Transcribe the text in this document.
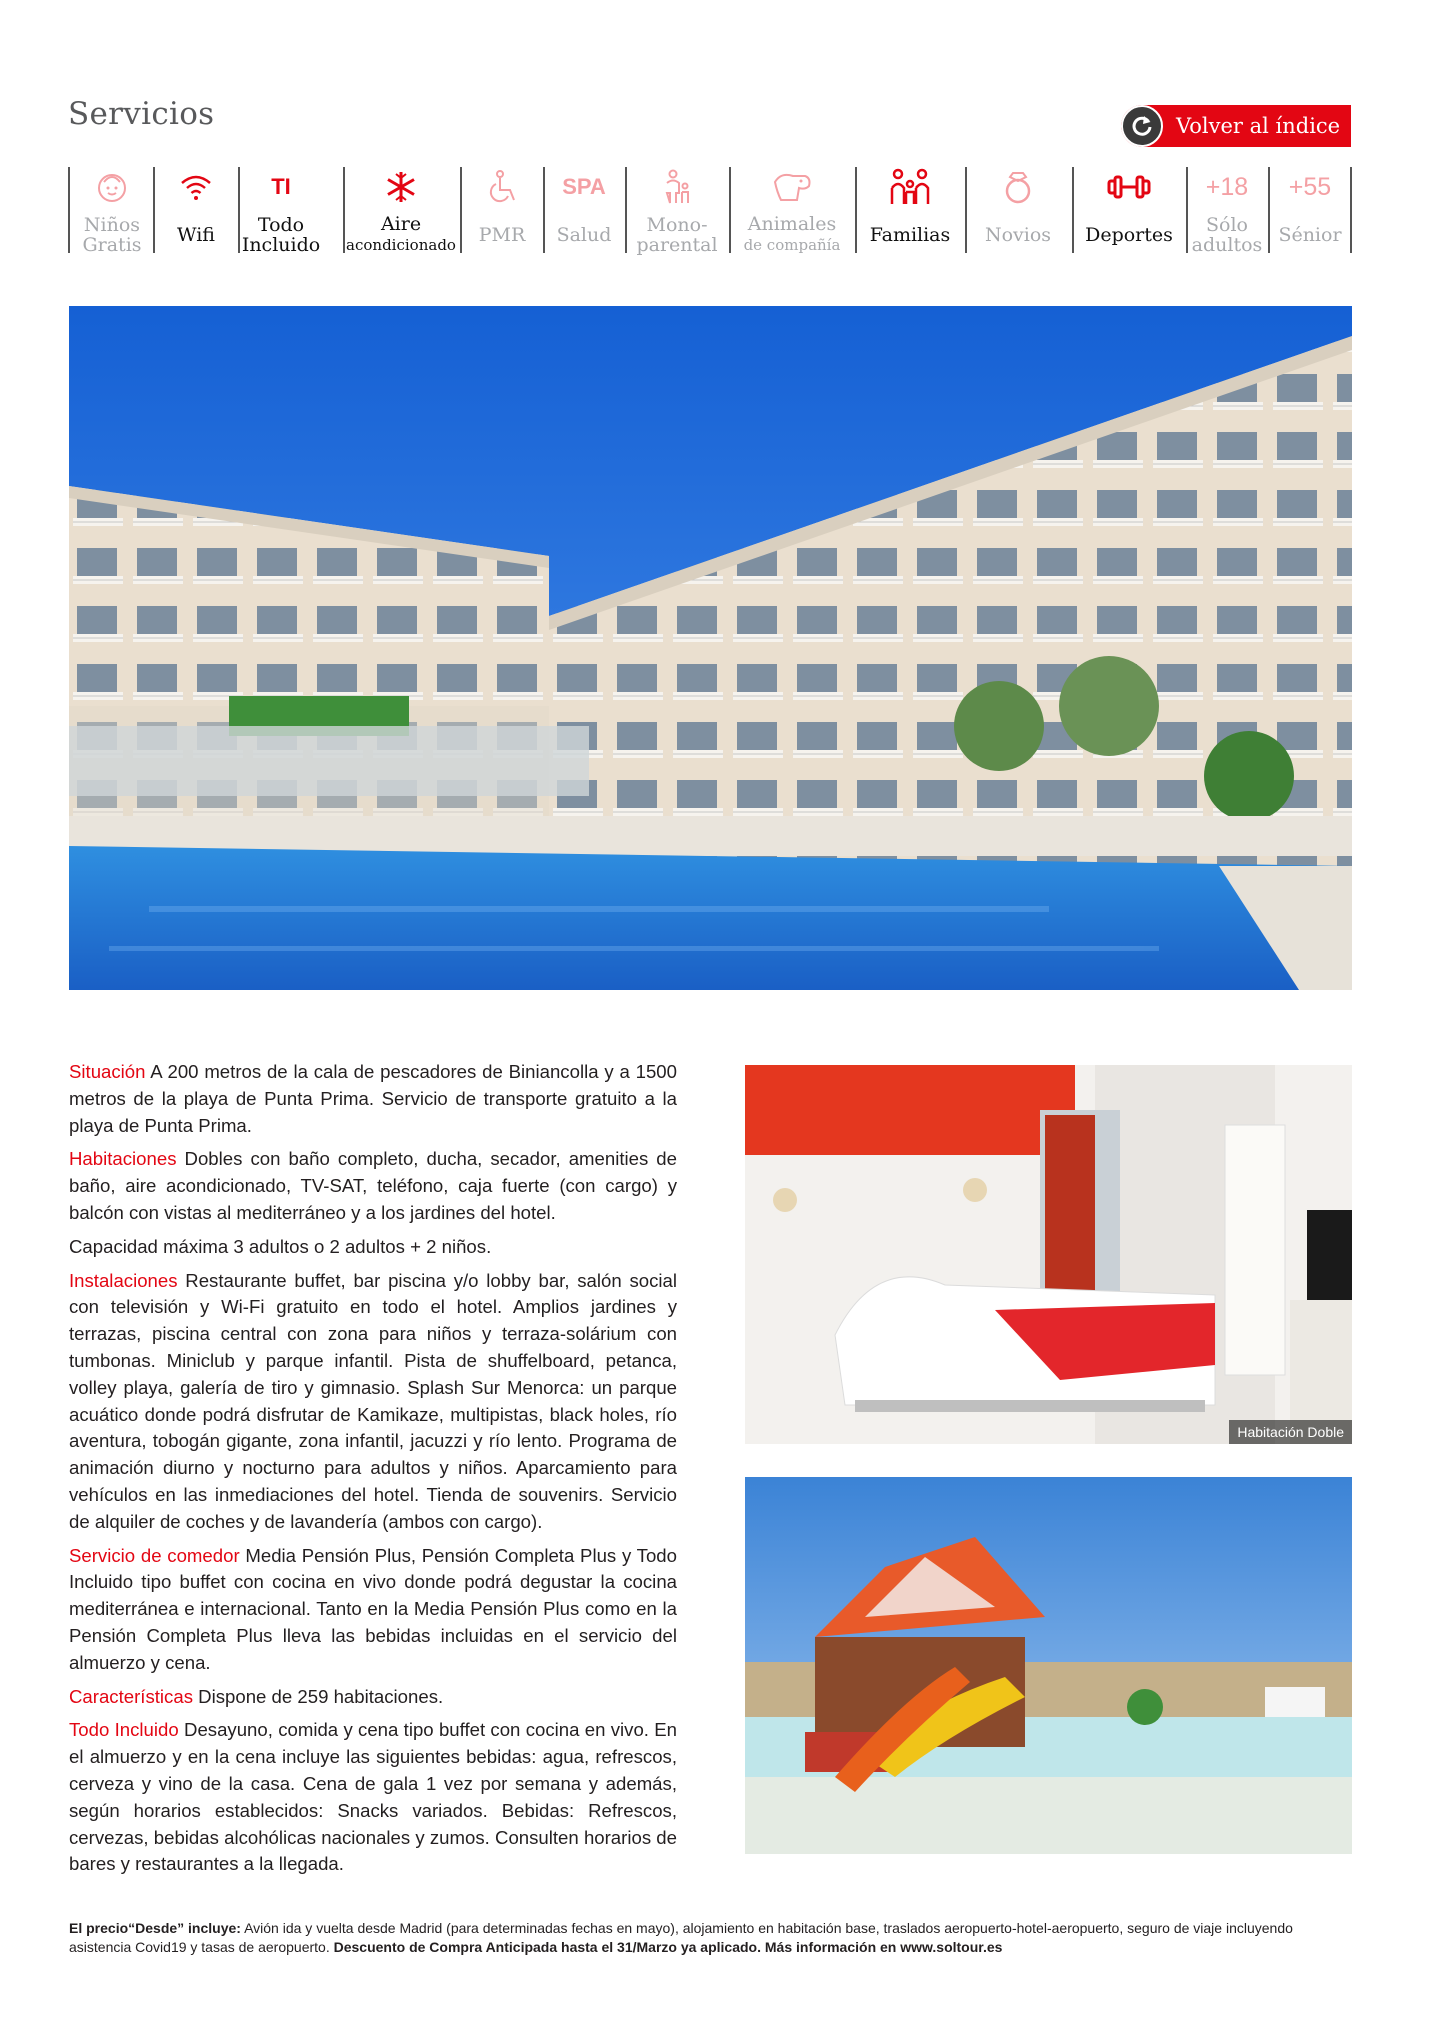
Servicios	Volver al índice
Niños
Gratis Wifi
TI
Todo
Incluido
Aire
acondicionado PMR
SPA
Salud	Mono-
parental
Animales
de compañía Familias Novios Deportes
+18
Sólo
adultos
+55
Sénior

Situación A 200 metros de la cala de pescadores de Biniancolla y a 1500 metros de la playa de Punta Prima. Servicio de transporte gratuito a la playa de Punta Prima.

Habitaciones Dobles con baño completo, ducha, secador, amenities de baño, aire acondicionado, TV-SAT, teléfono, caja fuerte (con cargo) y balcón con vistas al mediterráneo y a los jardines del hotel.

Capacidad máxima 3 adultos o 2 adultos + 2 niños.

Instalaciones Restaurante buffet, bar piscina y/o lobby bar, salón social con televisión y Wi-Fi gratuito en todo el hotel. Amplios jardines y terrazas, piscina central con zona para niños y terraza-solárium con tumbonas. Miniclub y parque infantil. Pista de shuffelboard, petanca, volley playa, galería de tiro y gimnasio. Splash Sur Menorca: un parque acuático donde podrá disfrutar de Kamikaze, multipistas, black holes, río aventura, tobogán gigante, zona infantil, jacuzzi y río lento. Programa de animación diurno y nocturno para adultos y niños. Aparcamiento para vehículos en las inmediaciones del hotel. Tienda de souvenirs. Servicio de alquiler de coches y de lavandería (ambos con cargo).

Servicio de comedor Media Pensión Plus, Pensión Completa Plus y Todo Incluido tipo buffet con cocina en vivo donde podrá degustar la cocina mediterránea e internacional. Tanto en la Media Pensión Plus como en la Pensión Completa Plus lleva las bebidas incluidas en el servicio del almuerzo y cena.

Características Dispone de 259 habitaciones.

Todo Incluido Desayuno, comida y cena tipo buffet con cocina en vivo. En el almuerzo y en la cena incluye las siguientes bebidas: agua, refrescos, cerveza y vino de la casa. Cena de gala 1 vez por semana y además, según horarios establecidos: Snacks variados. Bebidas: Refrescos, cervezas, bebidas alcohólicas nacionales y zumos. Consulten horarios de bares y restaurantes a la llegada.

Habitación Doble
El precio“Desde” incluye: Avión ida y vuelta desde Madrid (para determinadas fechas en mayo), alojamiento en habitación base, traslados aeropuerto-hotel-aeropuerto, seguro de viaje incluyendo asistencia Covid19 y tasas de aeropuerto. Descuento de Compra Anticipada hasta el 31/Marzo ya aplicado. Más información en www.soltour.es
